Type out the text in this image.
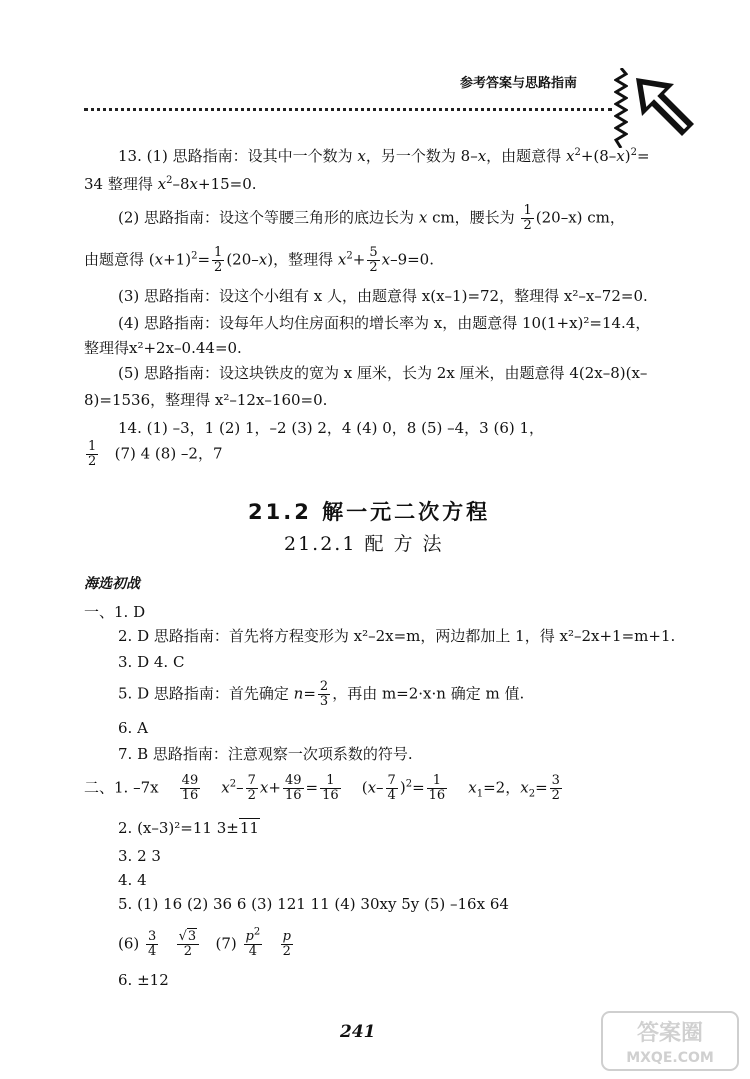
参考答案与思路指南
13. (1) 思路指南：设其中一个数为 x，另一个数为 8–x，由题意得 $x^2+(8-x)^2=$
34 整理得 $x^2-8x+15=0$.
(2) 思路指南：设这个等腰三角形的底边长为 x cm，腰长为 $\frac{1}{2} (20-x)$ cm，
由题意得 $(x+1)^2= \frac{1}{2} (20-x)$，整理得 $x^2+ \frac{5}{2} x-9=0$.
(3) 思路指南：设这个小组有 x 人，由题意得 x(x–1)=72，整理得 x²–x–72=0.
(4) 思路指南：设每年人均住房面积的增长率为 x，由题意得 10(1+x)²=14.4，
整理得x²+2x–0.44=0.
(5) 思路指南：设这块铁皮的宽为 x 厘米，长为 2x 厘米，由题意得 4(2x–8)(x–
8)=1536，整理得 x²–12x–160=0.
14. (1) –3，1 (2) 1，–2 (3) 2，4 (4) 0，8 (5) –4，3 (6) 1，
$\frac{1}{2} (7)$ 4 (8) –2，7
21.2 解一元二次方程
21.2.1 配 方 法
海选初战
一、1. D
2. D 思路指南：首先将方程变形为 x²–2x=m，两边都加上 1，得 x²–2x+1=m+1.
3. D 4. C
5. D 思路指南：首先确定 $n= \frac{2}{3}$ ，再由 m=2·x·n 确定 m 值.
6. A
7. B 思路指南：注意观察一次项系数的符号.
二、1. $-7x \frac{49}{16} x^2- \frac{7}{2} x+ \frac{49}{16} = \frac{1}{16} (x- \frac{7}{4} )^2= \frac{1}{16} x_1=2$，$x_2= \frac{3}{2}$
2. (x–3)²=11 3±11
3. 2 3
4. 4
5. (1) 16 (2) 36 6 (3) 121 11 (4) 30xy 5y (5) –16x 64
$(6) \frac{3}{4}$
$\frac{√3}{2} (7) \frac{p^2}{4}$
$\frac{p}{2}$
6. ±12
241	答案圈
MXQE.COM
